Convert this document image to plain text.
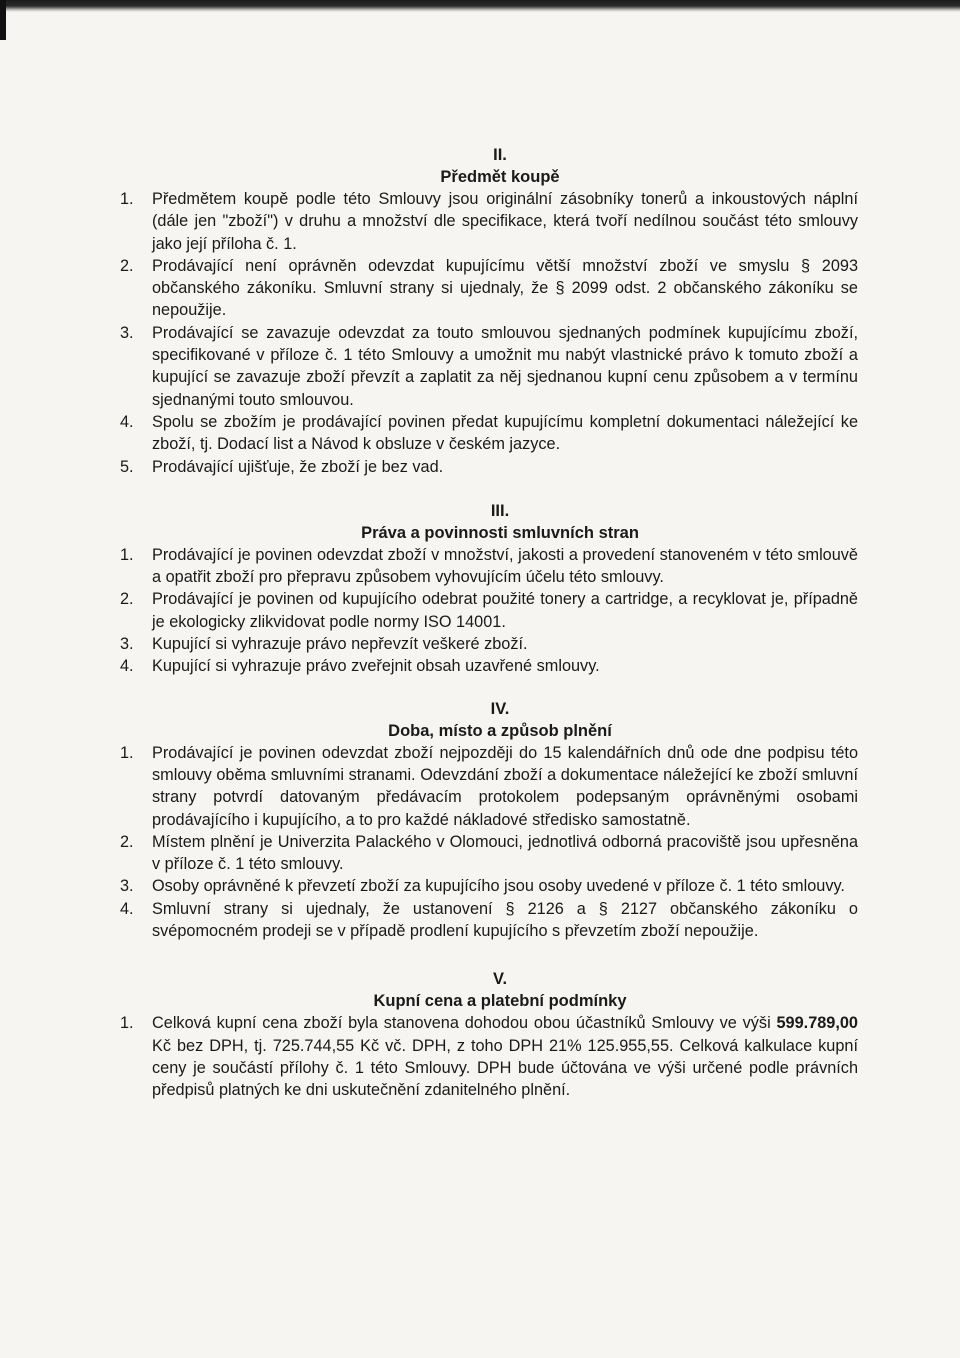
II.

Předmět koupě

1. Předmětem koupě podle této Smlouvy jsou originální zásobníky tonerů a inkoustových náplní (dále jen "zboží") v druhu a množství dle specifikace, která tvoří nedílnou součást této smlouvy jako její příloha č. 1.
2. Prodávající není oprávněn odevzdat kupujícímu větší množství zboží ve smyslu § 2093 občanského zákoníku. Smluvní strany si ujednaly, že § 2099 odst. 2 občanského zákoníku se nepoužije.
3. Prodávající se zavazuje odevzdat za touto smlouvou sjednaných podmínek kupujícímu zboží, specifikované v příloze č. 1 této Smlouvy a umožnit mu nabýt vlastnické právo k tomuto zboží a kupující se zavazuje zboží převzít a zaplatit za něj sjednanou kupní cenu způsobem a v termínu sjednanými touto smlouvou.
4. Spolu se zbožím je prodávající povinen předat kupujícímu kompletní dokumentaci náležející ke zboží, tj. Dodací list a Návod k obsluze v českém jazyce.
5. Prodávající ujišťuje, že zboží je bez vad.

III.

Práva a povinnosti smluvních stran

1. Prodávající je povinen odevzdat zboží v množství, jakosti a provedení stanoveném v této smlouvě a opatřit zboží pro přepravu způsobem vyhovujícím účelu této smlouvy.
2. Prodávající je povinen od kupujícího odebrat použité tonery a cartridge, a recyklovat je, případně je ekologicky zlikvidovat podle normy ISO 14001.
3. Kupující si vyhrazuje právo nepřevzít veškeré zboží.
4. Kupující si vyhrazuje právo zveřejnit obsah uzavřené smlouvy.

IV.

Doba, místo a způsob plnění

1. Prodávající je povinen odevzdat zboží nejpozději do 15 kalendářních dnů ode dne podpisu této smlouvy oběma smluvními stranami. Odevzdání zboží a dokumentace náležející ke zboží smluvní strany potvrdí datovaným předávacím protokolem podepsaným oprávněnými osobami prodávajícího i kupujícího, a to pro každé nákladové středisko samostatně.
2. Místem plnění je Univerzita Palackého v Olomouci, jednotlivá odborná pracoviště jsou upřesněna v příloze č. 1 této smlouvy.
3. Osoby oprávněné k převzetí zboží za kupujícího jsou osoby uvedené v příloze č. 1 této smlouvy.
4. Smluvní strany si ujednaly, že ustanovení § 2126 a § 2127 občanského zákoníku o svépomocném prodeji se v případě prodlení kupujícího s převzetím zboží nepoužije.

V.

Kupní cena a platební podmínky

1. Celková kupní cena zboží byla stanovena dohodou obou účastníků Smlouvy ve výši 599.789,00 Kč bez DPH, tj. 725.744,55 Kč vč. DPH, z toho DPH 21% 125.955,55. Celková kalkulace kupní ceny je součástí přílohy č. 1 této Smlouvy. DPH bude účtována ve výši určené podle právních předpisů platných ke dni uskutečnění zdanitelného plnění.
